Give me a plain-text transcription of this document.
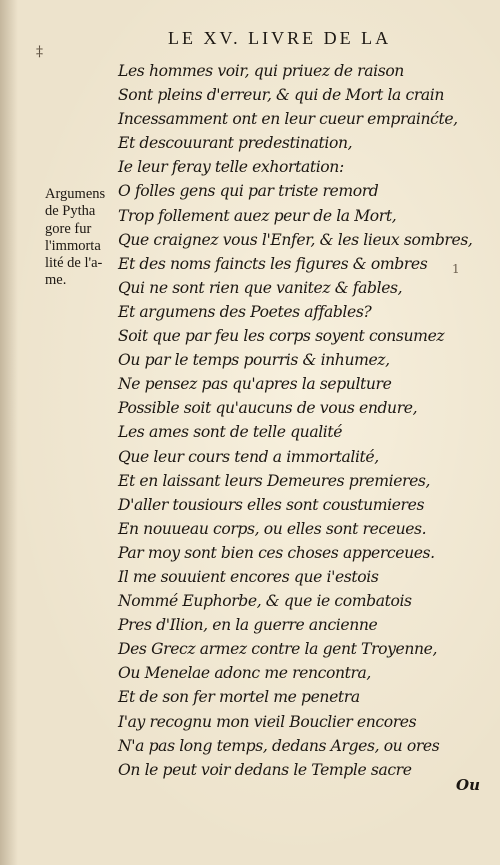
LE XV. LIVRE DE LA
‡
1
Argumens
de Pytha
gore fur
l'immorta
lité de l'a-
me.
Les hommes voir, qui priuez de raison
Sont pleins d'erreur, & qui de Mort la crain
Incessamment ont en leur cueur emprainćte,
Et descouurant predestination,
Ie leur feray telle exhortation:
O folles gens qui par triste remord
Trop follement auez peur de la Mort,
Que craignez vous l'Enfer, & les lieux sombres,
Et des noms faincts les figures & ombres
Qui ne sont rien que vanitez & fables,
Et argumens des Poetes affables?
Soit que par feu les corps soyent consumez
Ou par le temps pourris & inhumez,
Ne pensez pas qu'apres la sepulture
Possible soit qu'aucuns de vous endure,
Les ames sont de telle qualité
Que leur cours tend a immortalité,
Et en laissant leurs Demeures premieres,
D'aller tousiours elles sont coustumieres
En nouueau corps, ou elles sont receues.
Par moy sont bien ces choses apperceues.
Il me souuient encores que i'estois
Nommé Euphorbe, & que ie combatois
Pres d'Ilion, en la guerre ancienne
Des Grecz armez contre la gent Troyenne,
Ou Menelae adonc me rencontra,
Et de son fer mortel me penetra
I'ay recognu mon vieil Bouclier encores
N'a pas long temps, dedans Arges, ou ores
On le peut voir dedans le Temple sacre
Ou
